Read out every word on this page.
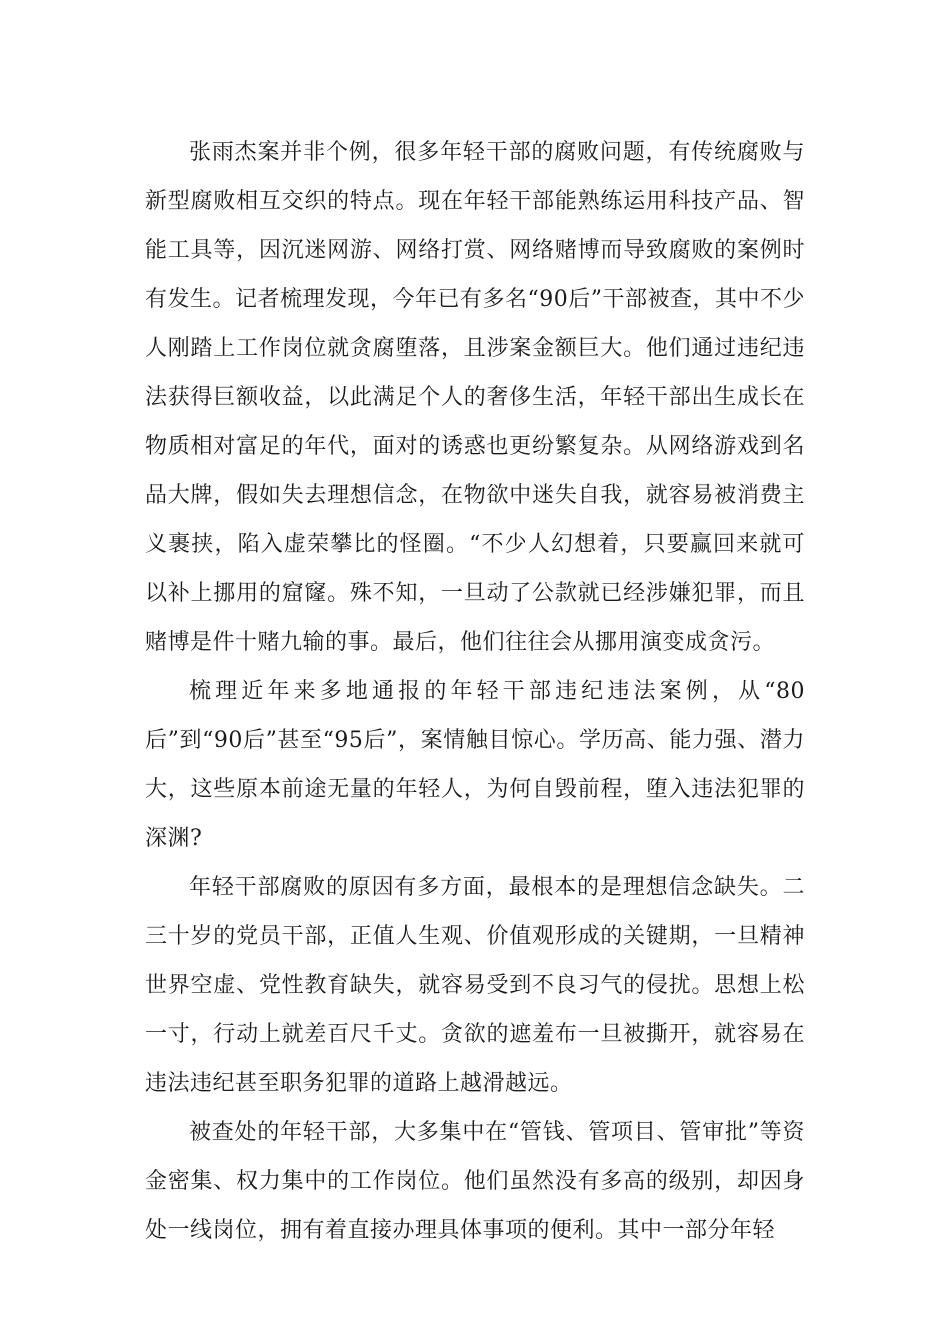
张雨杰案并非个例，很多年轻干部的腐败问题，有传统腐败与新型腐败相互交织的特点。现在年轻干部能熟练运用科技产品、智能工具等，因沉迷网游、网络打赏、网络赌博而导致腐败的案例时有发生。记者梳理发现，今年已有多名“90后”干部被查，其中不少人刚踏上工作岗位就贪腐堕落，且涉案金额巨大。他们通过违纪违法获得巨额收益，以此满足个人的奢侈生活，年轻干部出生成长在物质相对富足的年代，面对的诱惑也更纷繁复杂。从网络游戏到名品大牌，假如失去理想信念，在物欲中迷失自我，就容易被消费主义裹挟，陷入虚荣攀比的怪圈。“不少人幻想着，只要赢回来就可以补上挪用的窟窿。殊不知，一旦动了公款就已经涉嫌犯罪，而且赌博是件十赌九输的事。最后，他们往往会从挪用演变成贪污。

梳理近年来多地通报的年轻干部违纪违法案例，从“80后”到“90后”甚至“95后”，案情触目惊心。学历高、能力强、潜力大，这些原本前途无量的年轻人，为何自毁前程，堕入违法犯罪的深渊?

年轻干部腐败的原因有多方面，最根本的是理想信念缺失。二三十岁的党员干部，正值人生观、价值观形成的关键期，一旦精神世界空虚、党性教育缺失，就容易受到不良习气的侵扰。思想上松一寸，行动上就差百尺千丈。贪欲的遮羞布一旦被撕开，就容易在违法违纪甚至职务犯罪的道路上越滑越远。

被查处的年轻干部，大多集中在“管钱、管项目、管审批”等资金密集、权力集中的工作岗位。他们虽然没有多高的级别，却因身处一线岗位，拥有着直接办理具体事项的便利。其中一部分年轻
